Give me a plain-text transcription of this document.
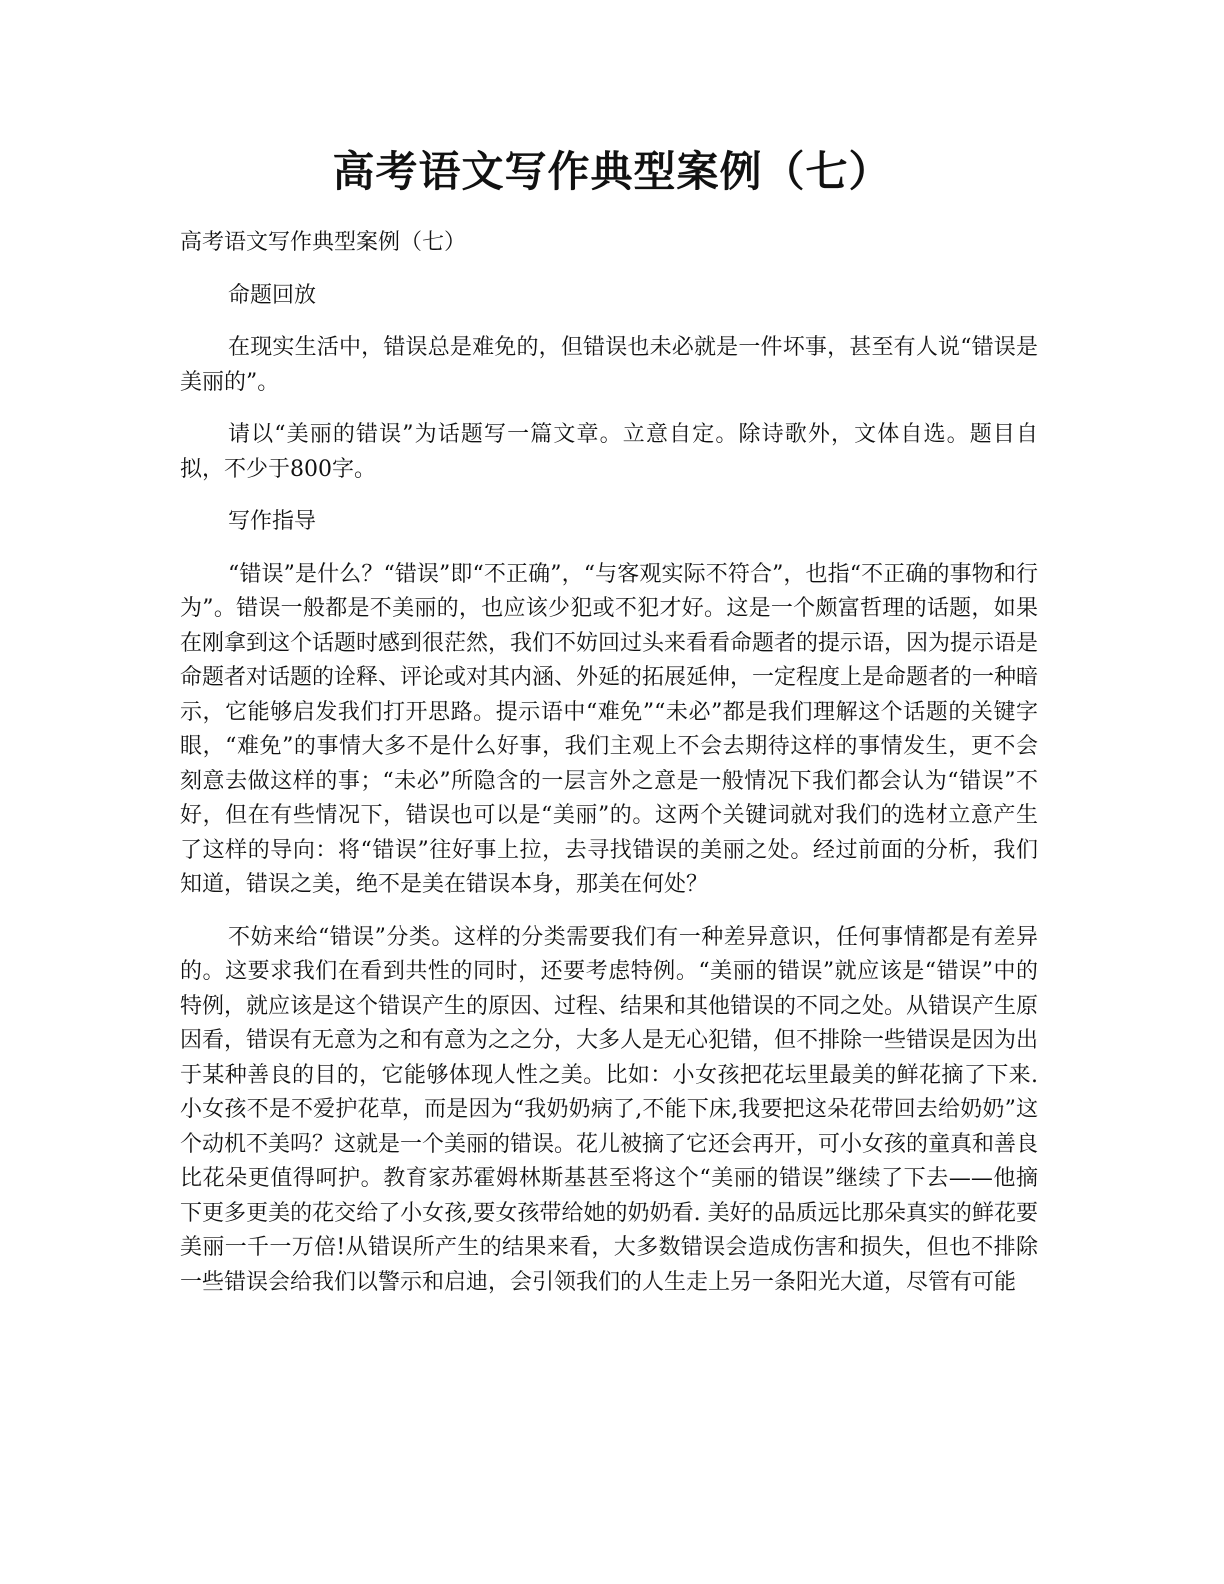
高考语文写作典型案例（七）

高考语文写作典型案例（七）

命题回放

在现实生活中，错误总是难免的，但错误也未必就是一件坏事，甚至有人说“错误是美丽的”。

请以“美丽的错误”为话题写一篇文章。立意自定。除诗歌外，文体自选。题目自拟，不少于800字。

写作指导

“错误”是什么？“错误”即“不正确”，“与客观实际不符合”，也指“不正确的事物和行为”。错误一般都是不美丽的，也应该少犯或不犯才好。这是一个颇富哲理的话题，如果在刚拿到这个话题时感到很茫然，我们不妨回过头来看看命题者的提示语，因为提示语是命题者对话题的诠释、评论或对其内涵、外延的拓展延伸，一定程度上是命题者的一种暗示，它能够启发我们打开思路。提示语中“难免”“未必”都是我们理解这个话题的关键字眼，“难免”的事情大多不是什么好事，我们主观上不会去期待这样的事情发生，更不会刻意去做这样的事；“未必”所隐含的一层言外之意是一般情况下我们都会认为“错误”不好，但在有些情况下，错误也可以是“美丽”的。这两个关键词就对我们的选材立意产生了这样的导向：将“错误”往好事上拉，去寻找错误的美丽之处。经过前面的分析，我们知道，错误之美，绝不是美在错误本身，那美在何处？

不妨来给“错误”分类。这样的分类需要我们有一种差异意识，任何事情都是有差异的。这要求我们在看到共性的同时，还要考虑特例。“美丽的错误”就应该是“错误”中的特例，就应该是这个错误产生的原因、过程、结果和其他错误的不同之处。从错误产生原因看，错误有无意为之和有意为之之分，大多人是无心犯错，但不排除一些错误是因为出于某种善良的目的，它能够体现人性之美。比如：小女孩把花坛里最美的鲜花摘了下来.小女孩不是不爱护花草，而是因为“我奶奶病了,不能下床,我要把这朵花带回去给奶奶”这个动机不美吗？这就是一个美丽的错误。花儿被摘了它还会再开，可小女孩的童真和善良比花朵更值得呵护。教育家苏霍姆林斯基甚至将这个“美丽的错误”继续了下去——他摘下更多更美的花交给了小女孩,要女孩带给她的奶奶看. 美好的品质远比那朵真实的鲜花要美丽一千一万倍!从错误所产生的结果来看，大多数错误会造成伤害和损失，但也不排除一些错误会给我们以警示和启迪，会引领我们的人生走上另一条阳光大道，尽管有可能
